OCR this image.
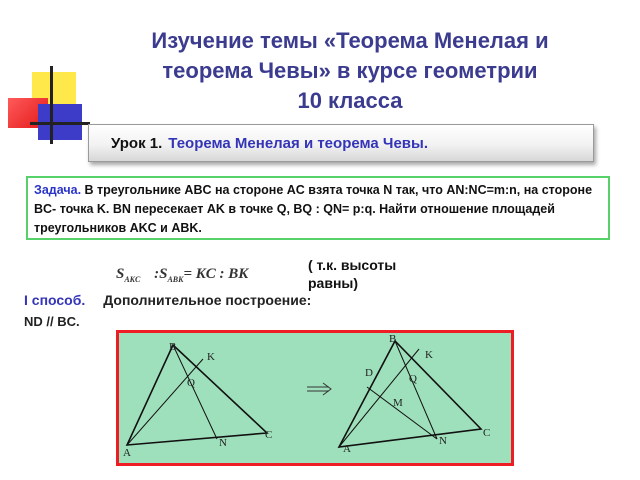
Изучение темы «Теорема Менелая и
теорема Чевы» в курсе геометрии
10 класса
Урок 1. Теорема Менелая и теорема Чевы.
Задача. В треугольнике ABC на стороне AC взята точка N так, что AN:NC=m:n, на стороне BC- точка K. BN пересекает AK в точке Q, BQ : QN= p:q. Найти отношение площадей треугольников AKC и ABK.
$S_{AKC}$ $:S_{ABK}=$ KC : BK
( т.к. высоты равны)
I способ. Дополнительное построение:
ND // BC.
B
K
Q
C
N
A
B
K
D	Q
M
C
N
A
